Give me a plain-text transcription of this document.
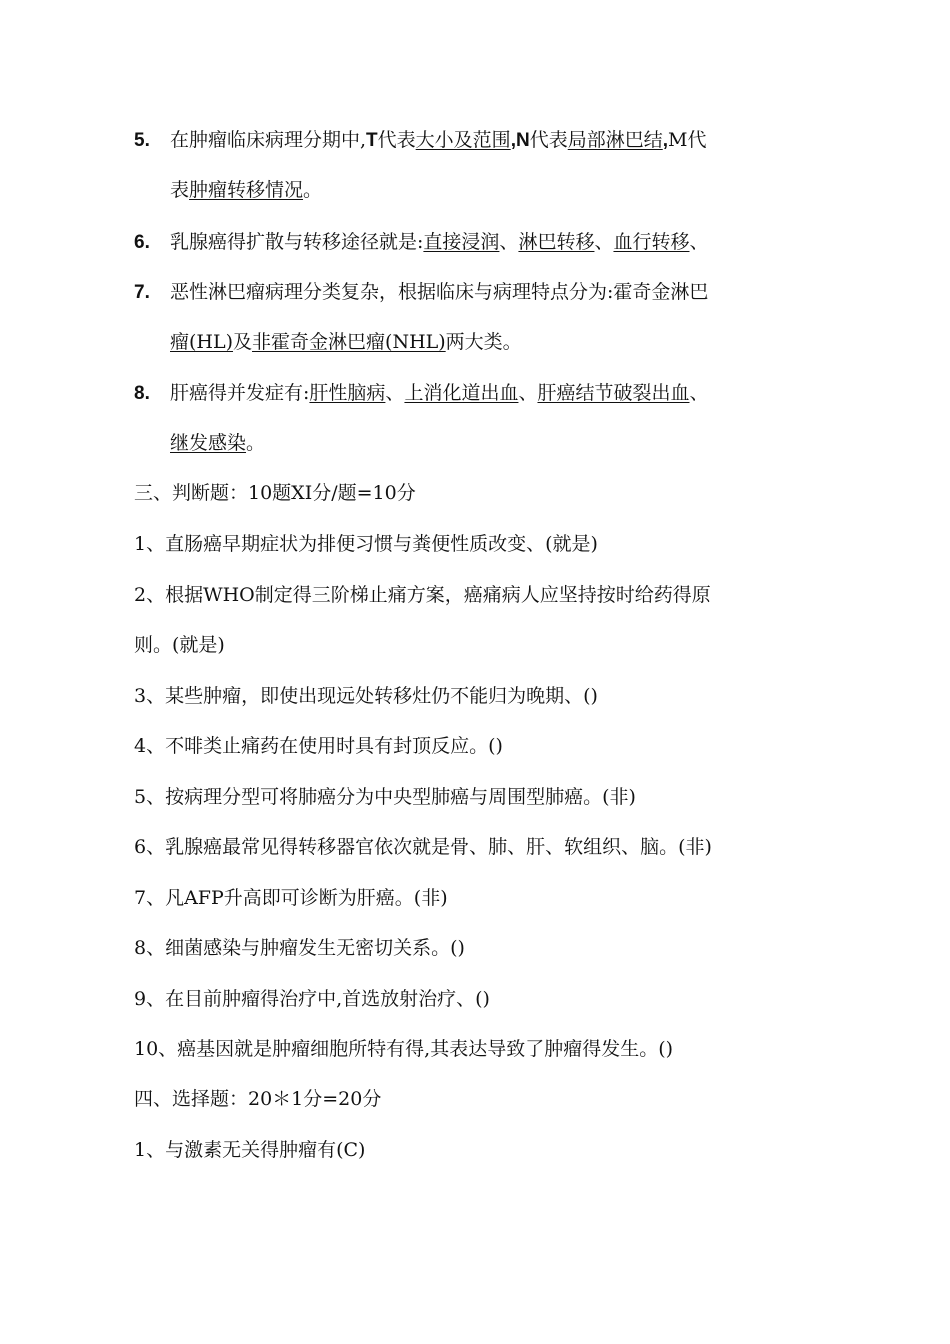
5. 在肿瘤临床病理分期中,T代表大小及范围,N代表局部淋巴结,M代
表肿瘤转移情况。
6. 乳腺癌得扩散与转移途径就是:直接浸润、淋巴转移、血行转移、
7. 恶性淋巴瘤病理分类复杂，根据临床与病理特点分为:霍奇金淋巴
瘤(HL)及非霍奇金淋巴瘤(NHL)两大类。
8. 肝癌得并发症有:肝性脑病、上消化道出血、肝癌结节破裂出血、
继发感染。
三、判断题：10题XI分/题=10分
1、直肠癌早期症状为排便习惯与粪便性质改变、(就是)
2、根据WHO制定得三阶梯止痛方案，癌痛病人应坚持按时给药得原
则。(就是)
3、某些肿瘤，即使出现远处转移灶仍不能归为晚期、()
4、不啡类止痛药在使用时具有封顶反应。()
5、按病理分型可将肺癌分为中央型肺癌与周围型肺癌。(非)
6、乳腺癌最常见得转移器官依次就是骨、肺、肝、软组织、脑。(非)
7、凡AFP升高即可诊断为肝癌。(非)
8、细菌感染与肿瘤发生无密切关系。()
9、在目前肿瘤得治疗中,首选放射治疗、()
10、癌基因就是肿瘤细胞所特有得,其表达导致了肿瘤得发生。()
四、选择题：20＊1分=20分
1、与激素无关得肿瘤有(C)
